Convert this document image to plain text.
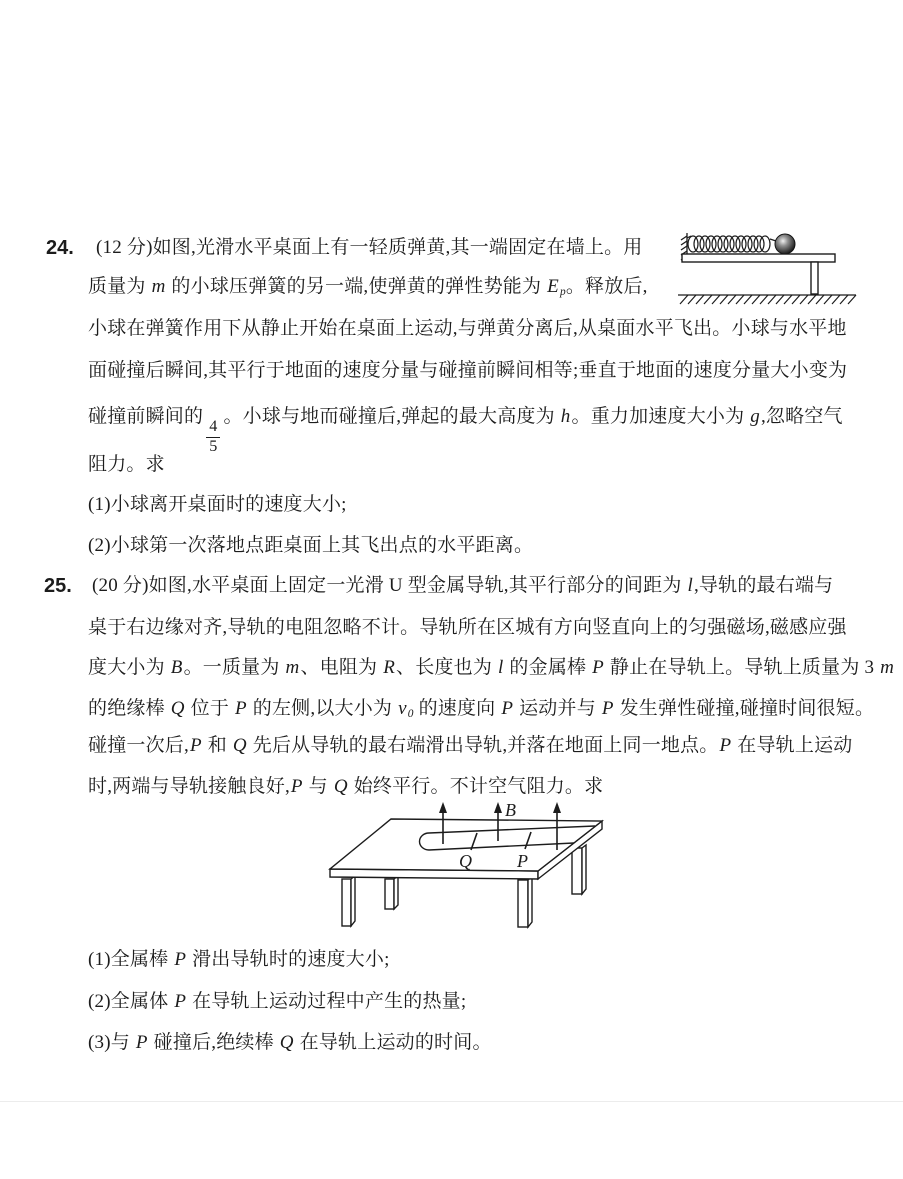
24. (12 分)如图,光滑水平桌面上有一轻质弹黄,其一端固定在墙上。用
质量为 m 的小球压弹簧的另一端,使弹黄的弹性势能为 Ep。释放后,
小球在弹簧作用下从静止开始在桌面上运动,与弹黄分离后,从桌面水平飞出。小球与水平地
面碰撞后瞬间,其平行于地面的速度分量与碰撞前瞬间相等;垂直于地面的速度分量大小变为
碰撞前瞬间的
$\frac{4}{5}$
。小球与地而碰撞后,弹起的最大高度为 h。重力加速度大小为 g,忽略空气
阻力。求
(1)小球离开桌面时的速度大小;
(2)小球第一次落地点距桌面上其飞出点的水平距离。
25. (20 分)如图,水平桌面上固定一光滑 U 型金属导轨,其平行部分的间距为 l,导轨的最右端与
桌于右边缘对齐,导轨的电阻忽略不计。导轨所在区城有方向竖直向上的匀强磁场,磁感应强
度大小为 B。一质量为 m、电阻为 R、长度也为 l 的金属棒 P 静止在导轨上。导轨上质量为 3 m
的绝缘棒 Q 位于 P 的左侧,以大小为 v0 的速度向 P 运动并与 P 发生弹性碰撞,碰撞时间很短。
碰撞一次后,P 和 Q 先后从导轨的最右端滑出导轨,并落在地面上同一地点。P 在导轨上运动
时,两端与导轨接触良好,P 与 Q 始终平行。不计空气阻力。求
B
Q	P
(1)全属棒 P 滑出导轨时的速度大小;
(2)全属体 P 在导轨上运动过程中产生的热量;
(3)与 P 碰撞后,绝续棒 Q 在导轨上运动的时间。
